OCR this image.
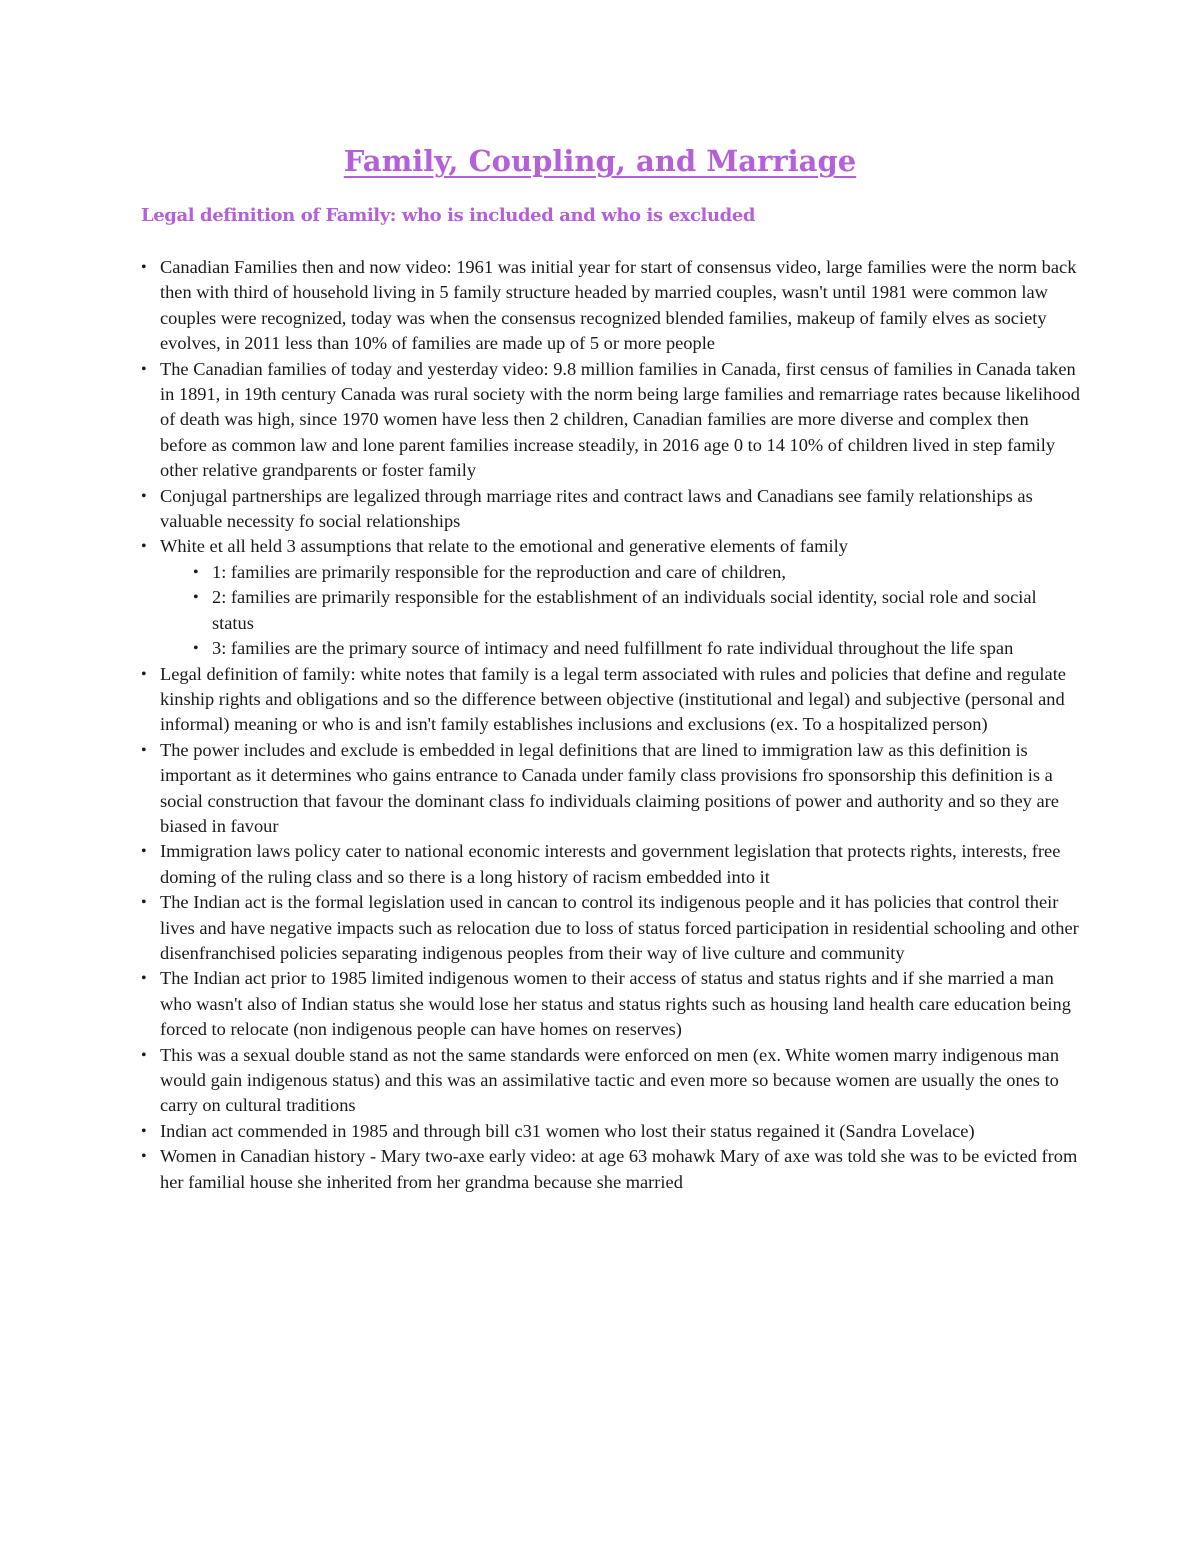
Family, Coupling, and Marriage
Legal definition of Family: who is included and who is excluded
• Canadian Families then and now video: 1961 was initial year for start of consensus video, large families were the norm back then with third of household living in 5 family structure headed by married couples, wasn't until 1981 were common law couples were recognized, today was when the consensus recognized blended families, makeup of family elves as society evolves, in 2011 less than 10% of families are made up of 5 or more people
• The Canadian families of today and yesterday video: 9.8 million families in Canada, first census of families in Canada taken in 1891, in 19th century Canada was rural society with the norm being large families and remarriage rates because likelihood of death was high, since 1970 women have less then 2 children, Canadian families are more diverse and complex then before as common law and lone parent families increase steadily, in 2016 age 0 to 14 10% of children lived in step family other relative grandparents or foster family
• Conjugal partnerships are legalized through marriage rites and contract laws and Canadians see family relationships as valuable necessity fo social relationships
• White et all held 3 assumptions that relate to the emotional and generative elements of family
• 1: families are primarily responsible for the reproduction and care of children,
• 2: families are primarily responsible for the establishment of an individuals social identity, social role and social status
• 3: families are the primary source of intimacy and need fulfillment fo rate individual throughout the life span
• Legal definition of family: white notes that family is a legal term associated with rules and policies that define and regulate kinship rights and obligations and so the difference between objective (institutional and legal) and subjective (personal and informal) meaning or who is and isn't family establishes inclusions and exclusions (ex. To a hospitalized person)
• The power includes and exclude is embedded in legal definitions that are lined to immigration law as this definition is important as it determines who gains entrance to Canada under family class provisions fro sponsorship this definition is a social construction that favour the dominant class fo individuals claiming positions of power and authority and so they are biased in favour
• Immigration laws policy cater to national economic interests and government legislation that protects rights, interests, free doming of the ruling class and so there is a long history of racism embedded into it
• The Indian act is the formal legislation used in cancan to control its indigenous people and it has policies that control their lives and have negative impacts such as relocation due to loss of status forced participation in residential schooling and other disenfranchised policies separating indigenous peoples from their way of live culture and community
• The Indian act prior to 1985 limited indigenous women to their access of status and status rights and if she married a man who wasn't also of Indian status she would lose her status and status rights such as housing land health care education being forced to relocate (non indigenous people can have homes on reserves)
• This was a sexual double stand as not the same standards were enforced on men (ex. White women marry indigenous man would gain indigenous status) and this was an assimilative tactic and even more so because women are usually the ones to carry on cultural traditions
• Indian act commended in 1985 and through bill c31 women who lost their status regained it (Sandra Lovelace)
• Women in Canadian history - Mary two-axe early video: at age 63 mohawk Mary of axe was told she was to be evicted from her familial house she inherited from her grandma because she married
